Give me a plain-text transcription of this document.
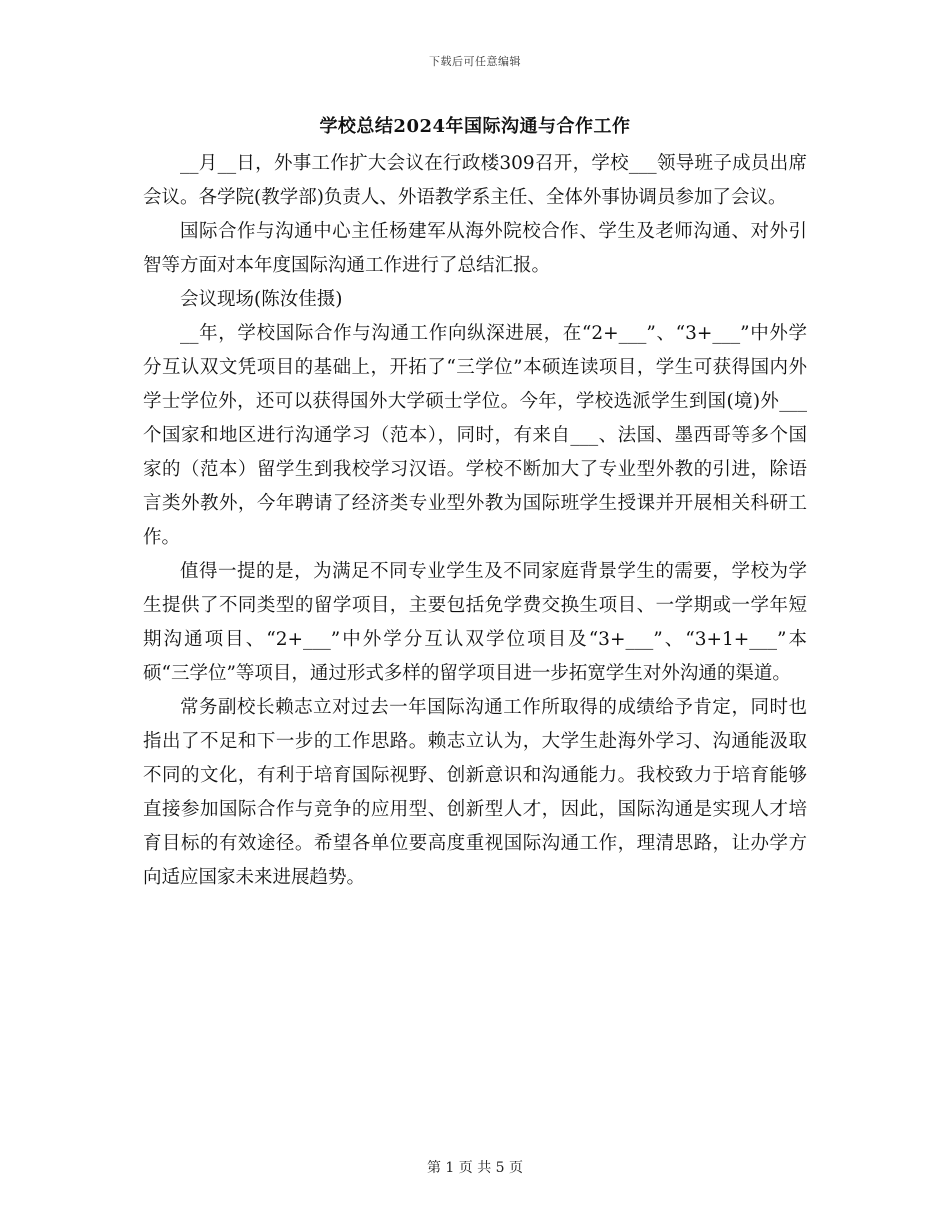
下载后可任意编辑
学校总结2024年国际沟通与合作工作

__月__日，外事工作扩大会议在行政楼309召开，学校___领导班子成员出席会议。各学院(教学部)负责人、外语教学系主任、全体外事协调员参加了会议。

国际合作与沟通中心主任杨建军从海外院校合作、学生及老师沟通、对外引智等方面对本年度国际沟通工作进行了总结汇报。

会议现场(陈汝佳摄)

__年，学校国际合作与沟通工作向纵深进展，在“2+___”、“3+___”中外学分互认双文凭项目的基础上，开拓了“三学位”本硕连读项目，学生可获得国内外学士学位外，还可以获得国外大学硕士学位。今年，学校选派学生到国(境)外___个国家和地区进行沟通学习（范本），同时，有来自___、法国、墨西哥等多个国家的（范本）留学生到我校学习汉语。学校不断加大了专业型外教的引进，除语言类外教外，今年聘请了经济类专业型外教为国际班学生授课并开展相关科研工作。

值得一提的是，为满足不同专业学生及不同家庭背景学生的需要，学校为学生提供了不同类型的留学项目，主要包括免学费交换生项目、一学期或一学年短期沟通项目、“2+___”中外学分互认双学位项目及“3+___”、“3+1+___”本硕“三学位”等项目，通过形式多样的留学项目进一步拓宽学生对外沟通的渠道。

常务副校长赖志立对过去一年国际沟通工作所取得的成绩给予肯定，同时也指出了不足和下一步的工作思路。赖志立认为，大学生赴海外学习、沟通能汲取不同的文化，有利于培育国际视野、创新意识和沟通能力。我校致力于培育能够直接参加国际合作与竞争的应用型、创新型人才，因此，国际沟通是实现人才培育目标的有效途径。希望各单位要高度重视国际沟通工作，理清思路，让办学方向适应国家未来进展趋势。

第 1 页 共 5 页
